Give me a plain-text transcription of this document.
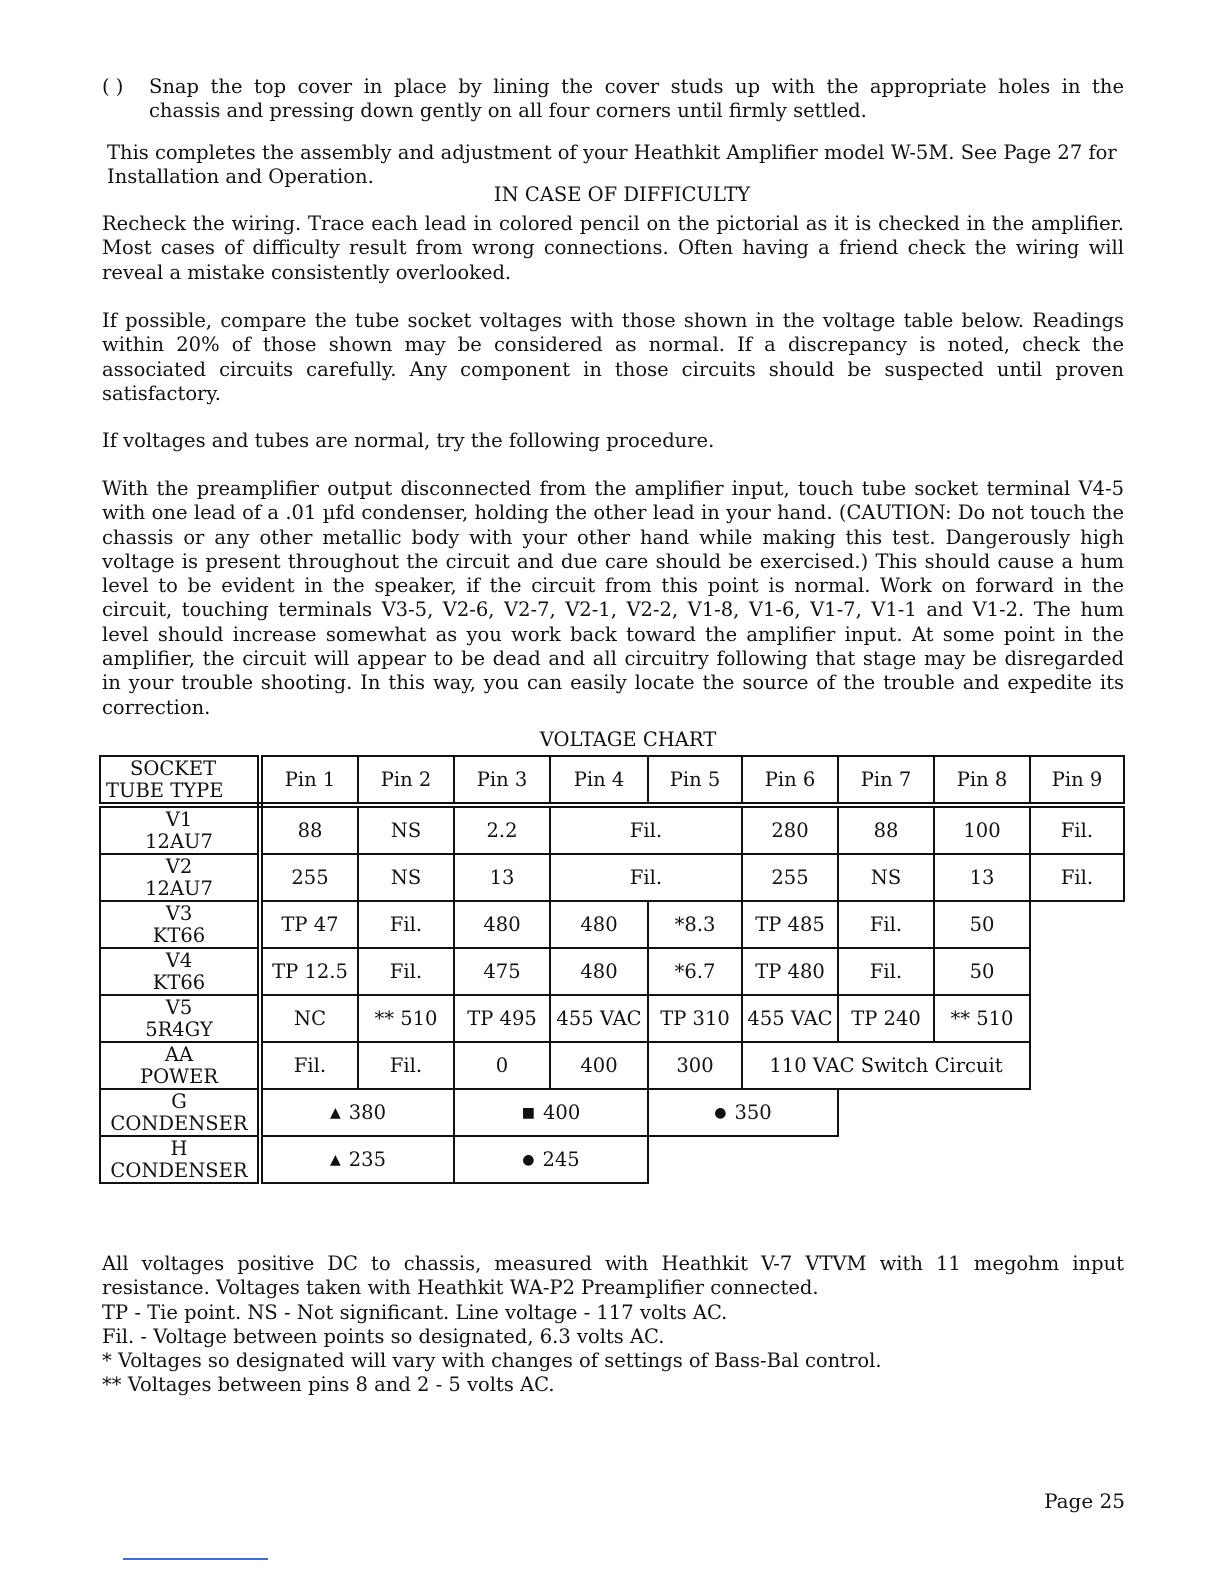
( ) Snap the top cover in place by lining the cover studs up with the appropriate holes in the
chassis and pressing down gently on all four corners until firmly settled.

This completes the assembly and adjustment of your Heathkit Amplifier model W-5M. See Page 27 for Installation and Operation.

IN CASE OF DIFFICULTY

Recheck the wiring. Trace each lead in colored pencil on the pictorial as it is checked in the amplifier. Most cases of difficulty result from wrong connections. Often having a friend check the wiring will reveal a mistake consistently overlooked.

If possible, compare the tube socket voltages with those shown in the voltage table below. Readings within 20% of those shown may be considered as normal. If a discrepancy is noted, check the associated circuits carefully. Any component in those circuits should be suspected until proven satisfactory.

If voltages and tubes are normal, try the following procedure.

With the preamplifier output disconnected from the amplifier input, touch tube socket terminal V4-5 with one lead of a .01 µfd condenser, holding the other lead in your hand. (CAUTION: Do not touch the chassis or any other metallic body with your other hand while making this test. Dangerously high voltage is present throughout the circuit and due care should be exercised.) This should cause a hum level to be evident in the speaker, if the circuit from this point is normal. Work on forward in the circuit, touching terminals V3-5, V2-6, V2-7, V2-1, V2-2, V1-8, V1-6, V1-7, V1-1 and V1-2. The hum level should increase somewhat as you work back toward the amplifier input. At some point in the amplifier, the circuit will appear to be dead and all circuitry following that stage may be disregarded in your trouble shooting. In this way, you can easily locate the source of the trouble and expedite its correction.

VOLTAGE CHART

SOCKET
TUBE TYPE	Pin 1	Pin 2	Pin 3	Pin 4	Pin 5	Pin 6	Pin 7	Pin 8	Pin 9

V1
12AU7	88	NS	2.2	Fil.		280	88	100	Fil.

V2
12AU7	255	NS	13	Fil.		255	NS	13	Fil.

V3
KT66	TP 47	Fil.	480	480	*8.3	TP 485	Fil.	50	

V4
KT66	TP 12.5	Fil.	475	480	*6.7	TP 480	Fil.	50	

V5
5R4GY	NC	** 510	TP 495	455 VAC	TP 310	455 VAC	TP 240	** 510	

AA
POWER	Fil.	Fil.	0	400	300	110 VAC Switch Circuit			

G
CONDENSER	▲ 380		■ 400		● 350				

H
CONDENSER	▲ 235		● 245						
All voltages positive DC to chassis, measured with Heathkit V-7 VTVM with 11 megohm input resistance. Voltages taken with Heathkit WA-P2 Preamplifier connected.
TP - Tie point. NS - Not significant. Line voltage - 117 volts AC.
Fil. - Voltage between points so designated, 6.3 volts AC.
* Voltages so designated will vary with changes of settings of Bass-Bal control.
** Voltages between pins 8 and 2 - 5 volts AC.
Page 25
